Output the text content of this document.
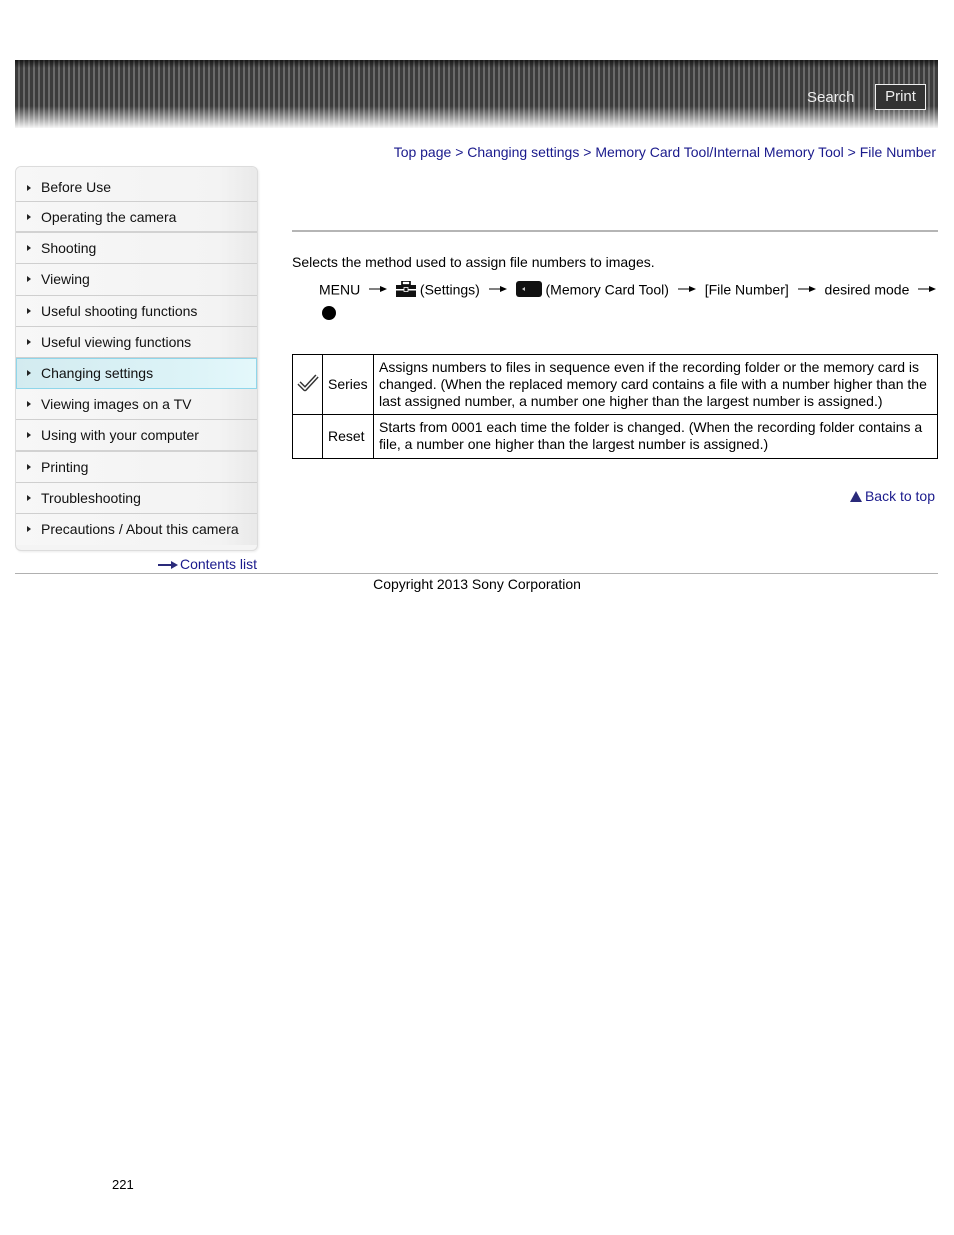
Search	Print
Top page > Changing settings > Memory Card Tool/Internal Memory Tool > File Number
Before Use
Operating the camera
Shooting
Viewing
Useful shooting functions
Useful viewing functions
Changing settings
Viewing images on a TV
Using with your computer
Printing
Troubleshooting
Precautions / About this camera
Contents list
Selects the method used to assign file numbers to images.
MENU	(Settings)	(Memory Card Tool)	[File Number]	desired mode
	Series	Assigns numbers to files in sequence even if the recording folder or the memory card is changed. (When the replaced memory card contains a file with a number higher than the last assigned number, a number one higher than the largest number is assigned.)
	Reset	Starts from 0001 each time the folder is changed. (When the recording folder contains a file, a number one higher than the largest number is assigned.)
Back to top
Copyright 2013 Sony Corporation
221
